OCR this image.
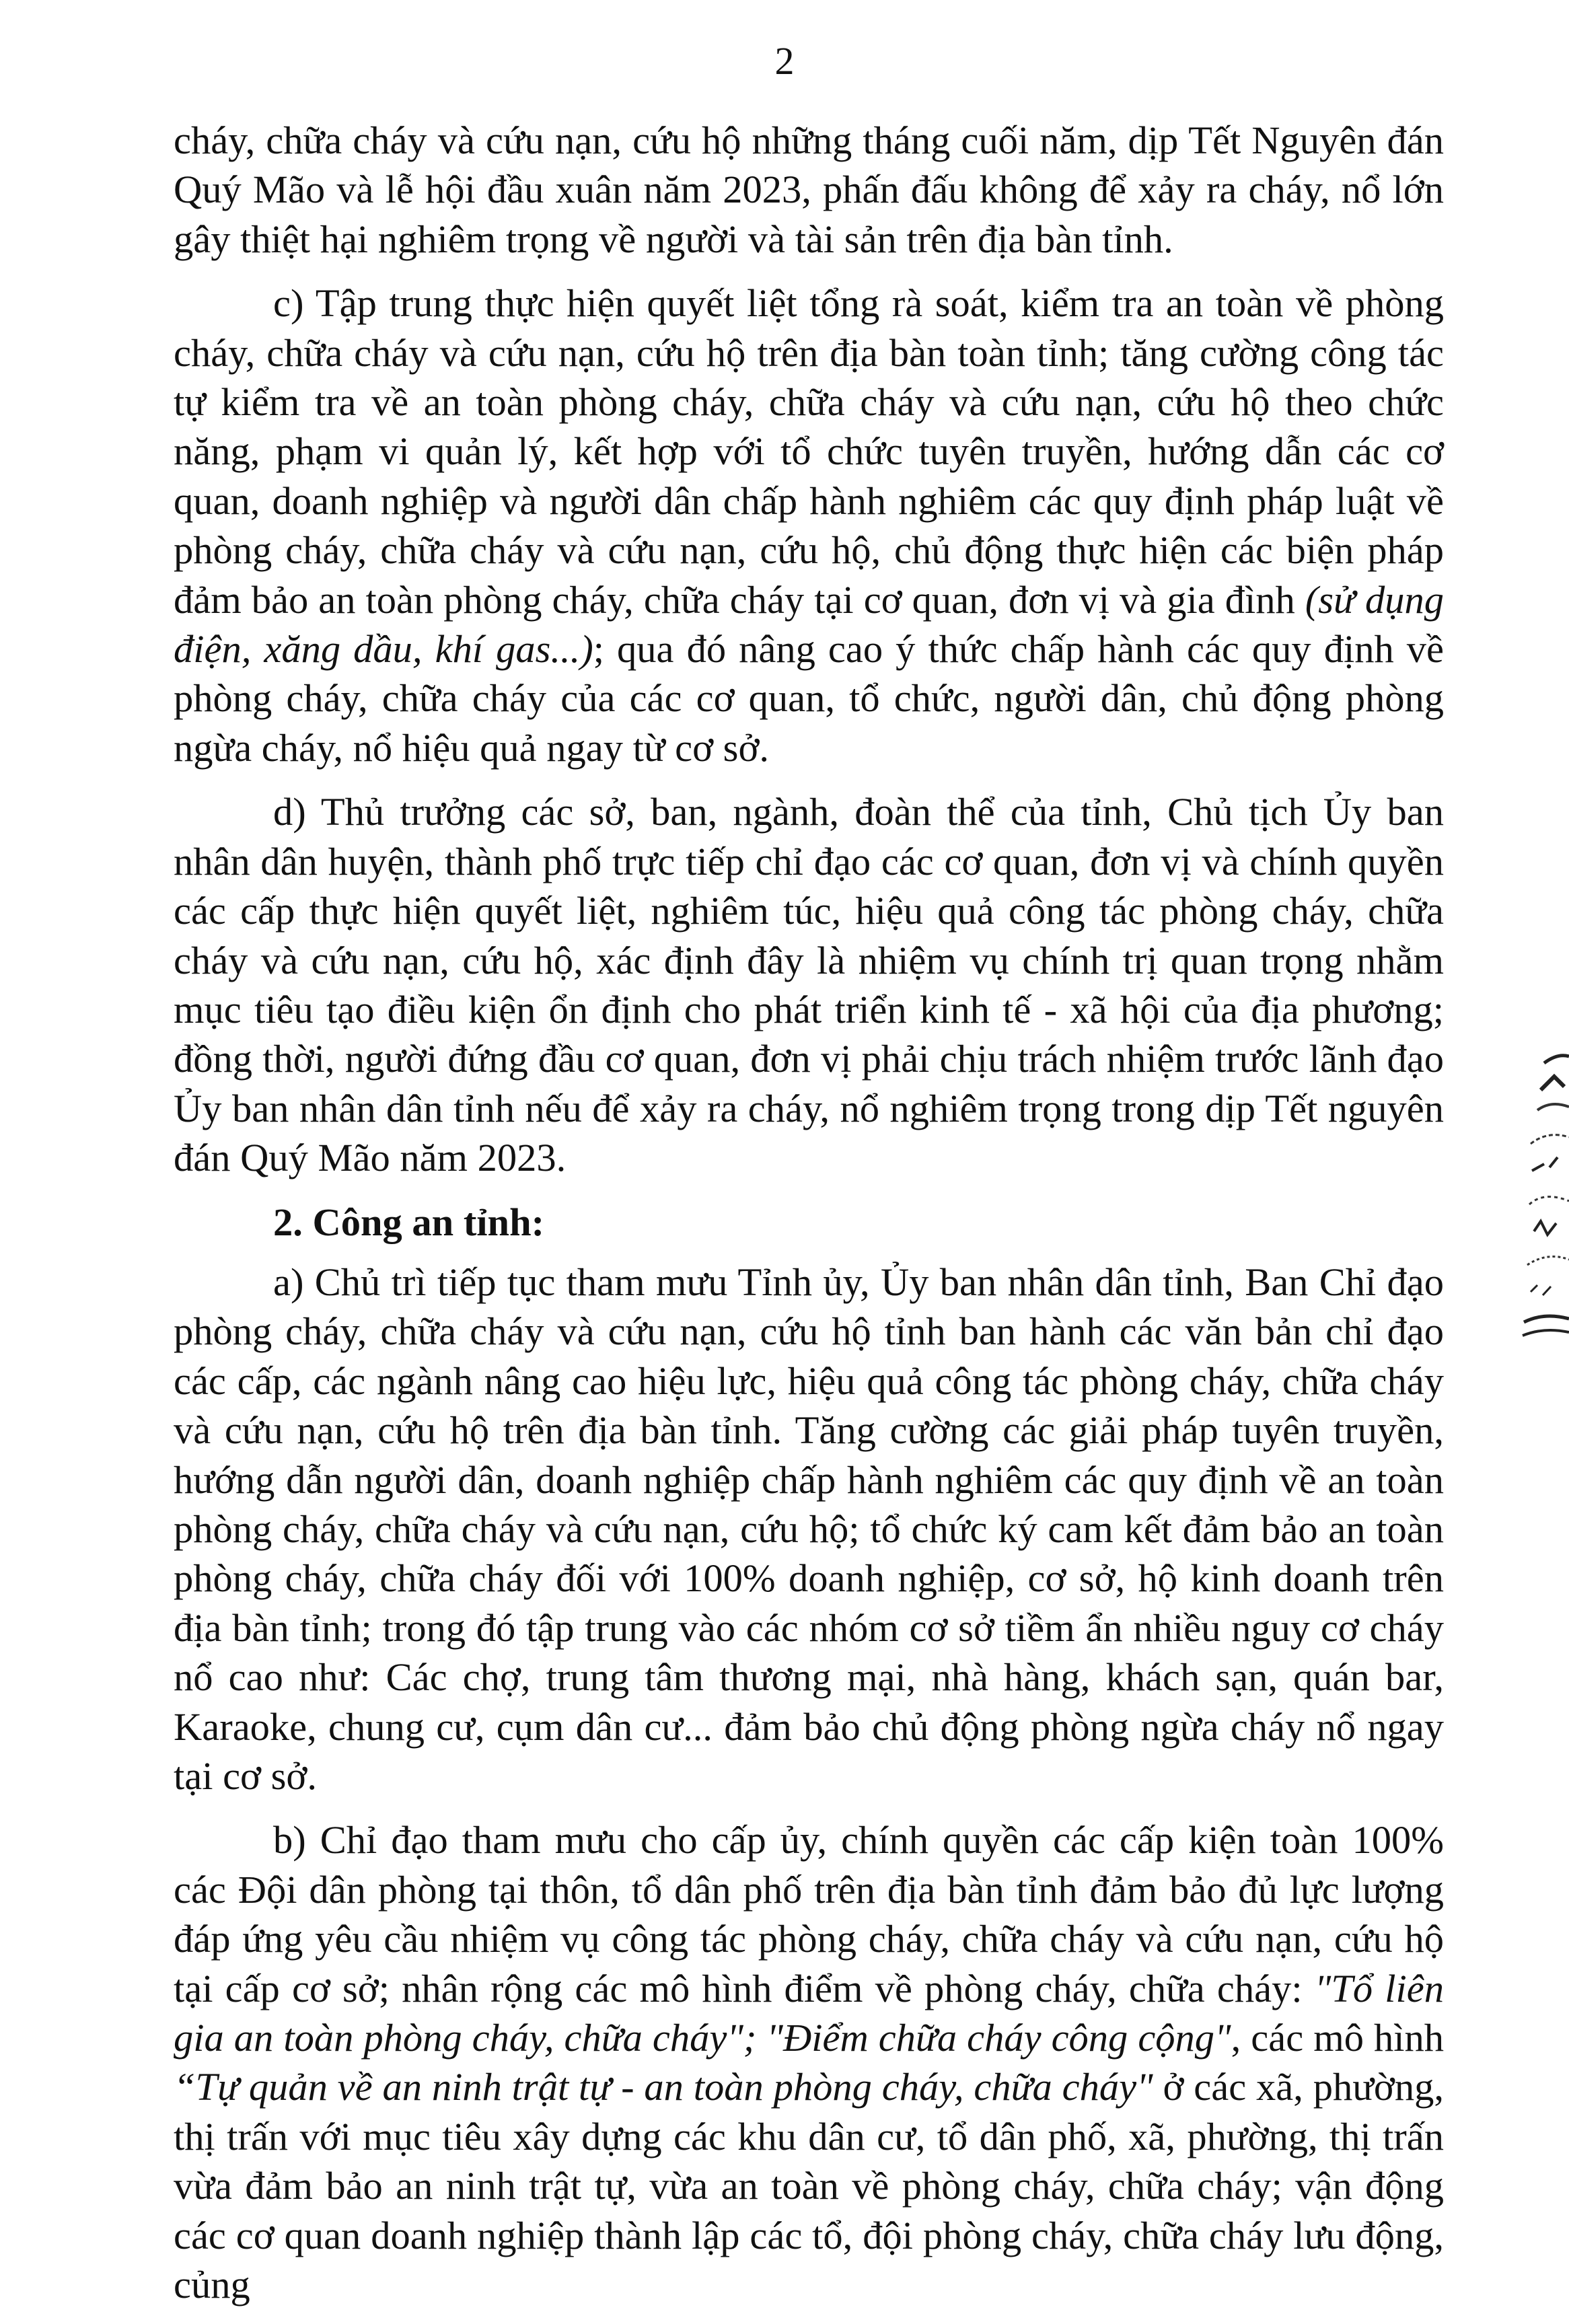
2

cháy, chữa cháy và cứu nạn, cứu hộ những tháng cuối năm, dịp Tết Nguyên đán Quý Mão và lễ hội đầu xuân năm 2023, phấn đấu không để xảy ra cháy, nổ lớn gây thiệt hại nghiêm trọng về người và tài sản trên địa bàn tỉnh.

c) Tập trung thực hiện quyết liệt tổng rà soát, kiểm tra an toàn về phòng cháy, chữa cháy và cứu nạn, cứu hộ trên địa bàn toàn tỉnh; tăng cường công tác tự kiểm tra về an toàn phòng cháy, chữa cháy và cứu nạn, cứu hộ theo chức năng, phạm vi quản lý, kết hợp với tổ chức tuyên truyền, hướng dẫn các cơ quan, doanh nghiệp và người dân chấp hành nghiêm các quy định pháp luật về phòng cháy, chữa cháy và cứu nạn, cứu hộ, chủ động thực hiện các biện pháp đảm bảo an toàn phòng cháy, chữa cháy tại cơ quan, đơn vị và gia đình (sử dụng điện, xăng dầu, khí gas...); qua đó nâng cao ý thức chấp hành các quy định về phòng cháy, chữa cháy của các cơ quan, tổ chức, người dân, chủ động phòng ngừa cháy, nổ hiệu quả ngay từ cơ sở.

d) Thủ trưởng các sở, ban, ngành, đoàn thể của tỉnh, Chủ tịch Ủy ban nhân dân huyện, thành phố trực tiếp chỉ đạo các cơ quan, đơn vị và chính quyền các cấp thực hiện quyết liệt, nghiêm túc, hiệu quả công tác phòng cháy, chữa cháy và cứu nạn, cứu hộ, xác định đây là nhiệm vụ chính trị quan trọng nhằm mục tiêu tạo điều kiện ổn định cho phát triển kinh tế - xã hội của địa phương; đồng thời, người đứng đầu cơ quan, đơn vị phải chịu trách nhiệm trước lãnh đạo Ủy ban nhân dân tỉnh nếu để xảy ra cháy, nổ nghiêm trọng trong dịp Tết nguyên đán Quý Mão năm 2023.

2. Công an tỉnh:

a) Chủ trì tiếp tục tham mưu Tỉnh ủy, Ủy ban nhân dân tỉnh, Ban Chỉ đạo phòng cháy, chữa cháy và cứu nạn, cứu hộ tỉnh ban hành các văn bản chỉ đạo các cấp, các ngành nâng cao hiệu lực, hiệu quả công tác phòng cháy, chữa cháy và cứu nạn, cứu hộ trên địa bàn tỉnh. Tăng cường các giải pháp tuyên truyền, hướng dẫn người dân, doanh nghiệp chấp hành nghiêm các quy định về an toàn phòng cháy, chữa cháy và cứu nạn, cứu hộ; tổ chức ký cam kết đảm bảo an toàn phòng cháy, chữa cháy đối với 100% doanh nghiệp, cơ sở, hộ kinh doanh trên địa bàn tỉnh; trong đó tập trung vào các nhóm cơ sở tiềm ẩn nhiều nguy cơ cháy nổ cao như: Các chợ, trung tâm thương mại, nhà hàng, khách sạn, quán bar, Karaoke, chung cư, cụm dân cư... đảm bảo chủ động phòng ngừa cháy nổ ngay tại cơ sở.

b) Chỉ đạo tham mưu cho cấp ủy, chính quyền các cấp kiện toàn 100% các Đội dân phòng tại thôn, tổ dân phố trên địa bàn tỉnh đảm bảo đủ lực lượng đáp ứng yêu cầu nhiệm vụ công tác phòng cháy, chữa cháy và cứu nạn, cứu hộ tại cấp cơ sở; nhân rộng các mô hình điểm về phòng cháy, chữa cháy: "Tổ liên gia an toàn phòng cháy, chữa cháy"; "Điểm chữa cháy công cộng", các mô hình “Tự quản về an ninh trật tự - an toàn phòng cháy, chữa cháy" ở các xã, phường, thị trấn với mục tiêu xây dựng các khu dân cư, tổ dân phố, xã, phường, thị trấn vừa đảm bảo an ninh trật tự, vừa an toàn về phòng cháy, chữa cháy; vận động các cơ quan doanh nghiệp thành lập các tổ, đội phòng cháy, chữa cháy lưu động, củng
